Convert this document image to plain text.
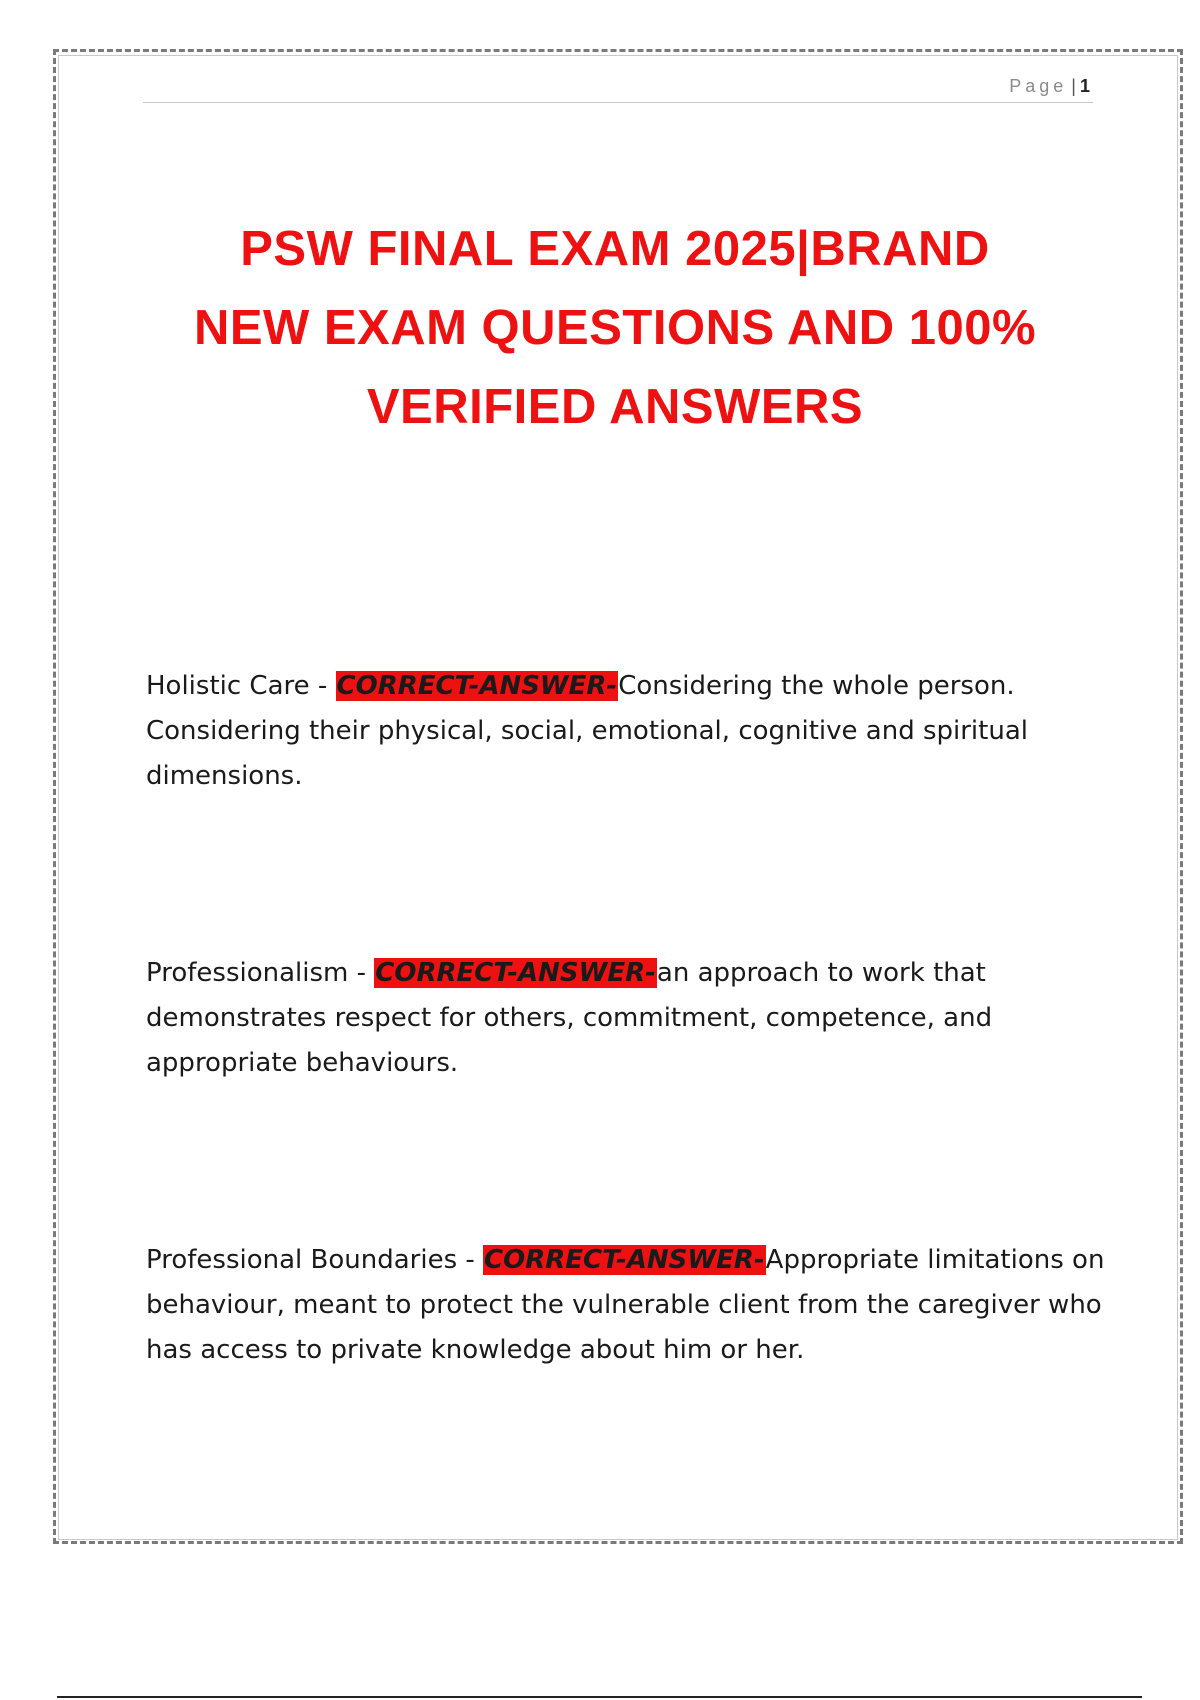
Page | 1
PSW FINAL EXAM 2025|BRAND
NEW EXAM QUESTIONS AND 100%
VERIFIED ANSWERS
Holistic Care - CORRECT-ANSWER-Considering the whole person. Considering their physical, social, emotional, cognitive and spiritual dimensions.
Professionalism - CORRECT-ANSWER-an approach to work that demonstrates respect for others, commitment, competence, and appropriate behaviours.
Professional Boundaries - CORRECT-ANSWER-Appropriate limitations on behaviour, meant to protect the vulnerable client from the caregiver who has access to private knowledge about him or her.
